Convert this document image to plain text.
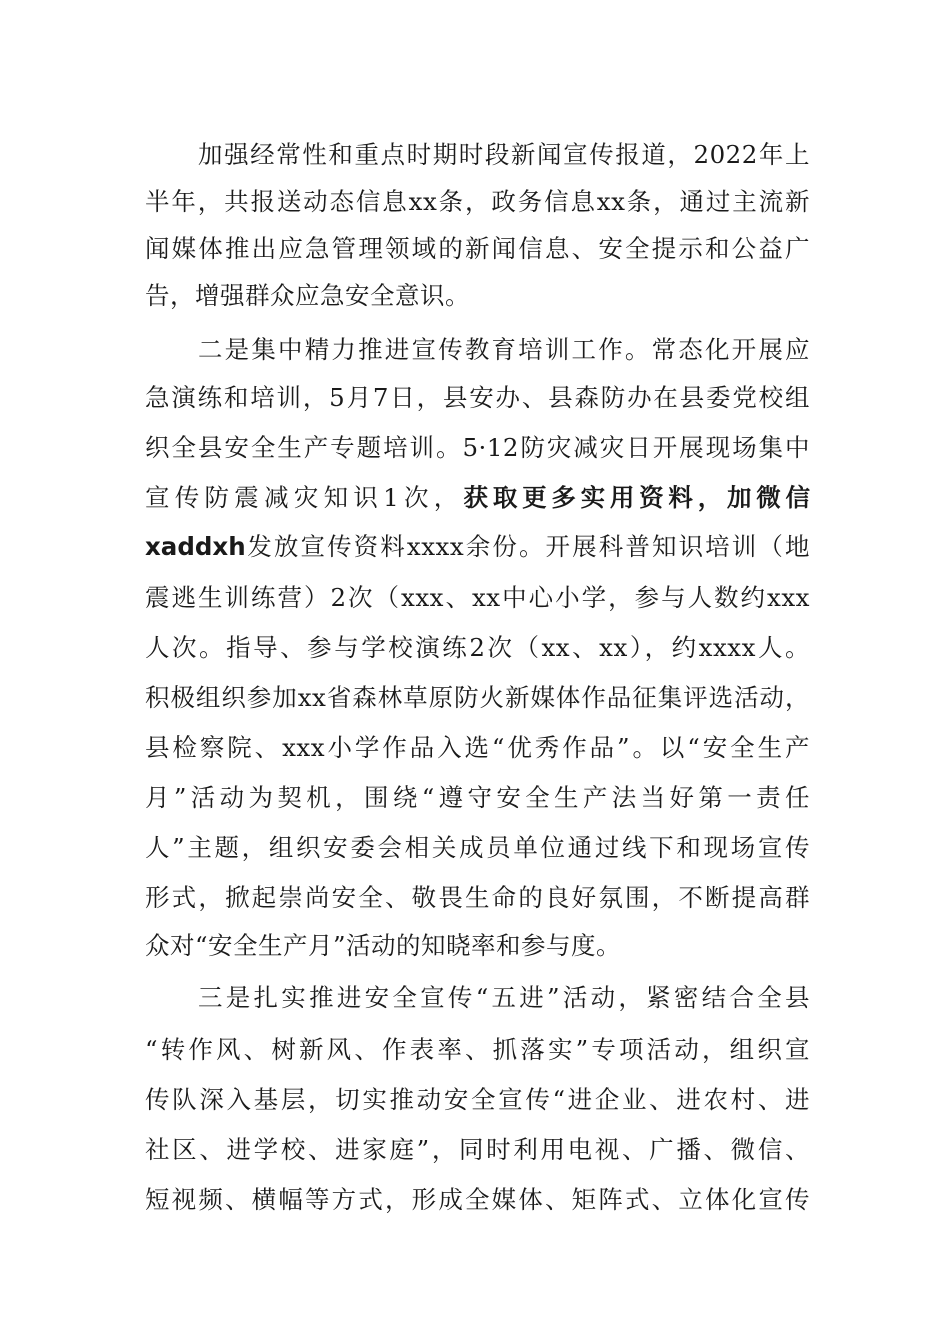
加强经常性和重点时期时段新闻宣传报道，2022年上
半年，共报送动态信息xx条，政务信息xx条，通过主流新
闻媒体推出应急管理领域的新闻信息、安全提示和公益广
告，增强群众应急安全意识。
二是集中精力推进宣传教育培训工作。常态化开展应
急演练和培训，5月7日，县安办、县森防办在县委党校组
织全县安全生产专题培训。5·12防灾减灾日开展现场集中
宣传防震减灾知识1次，获取更多实用资料，加微信
xaddxh发放宣传资料xxxx余份。开展科普知识培训（地
震逃生训练营）2次（xxx、xx中心小学，参与人数约xxx
人次。指导、参与学校演练2次（xx、xx），约xxxx人。
积极组织参加xx省森林草原防火新媒体作品征集评选活动，
县检察院、xxx小学作品入选“优秀作品”。以“安全生产
月”活动为契机，围绕“遵守安全生产法当好第一责任
人”主题，组织安委会相关成员单位通过线下和现场宣传
形式，掀起崇尚安全、敬畏生命的良好氛围，不断提高群
众对“安全生产月”活动的知晓率和参与度。
三是扎实推进安全宣传“五进”活动，紧密结合全县
“转作风、树新风、作表率、抓落实”专项活动，组织宣
传队深入基层，切实推动安全宣传“进企业、进农村、进
社区、进学校、进家庭”，同时利用电视、广播、微信、
短视频、横幅等方式，形成全媒体、矩阵式、立体化宣传
